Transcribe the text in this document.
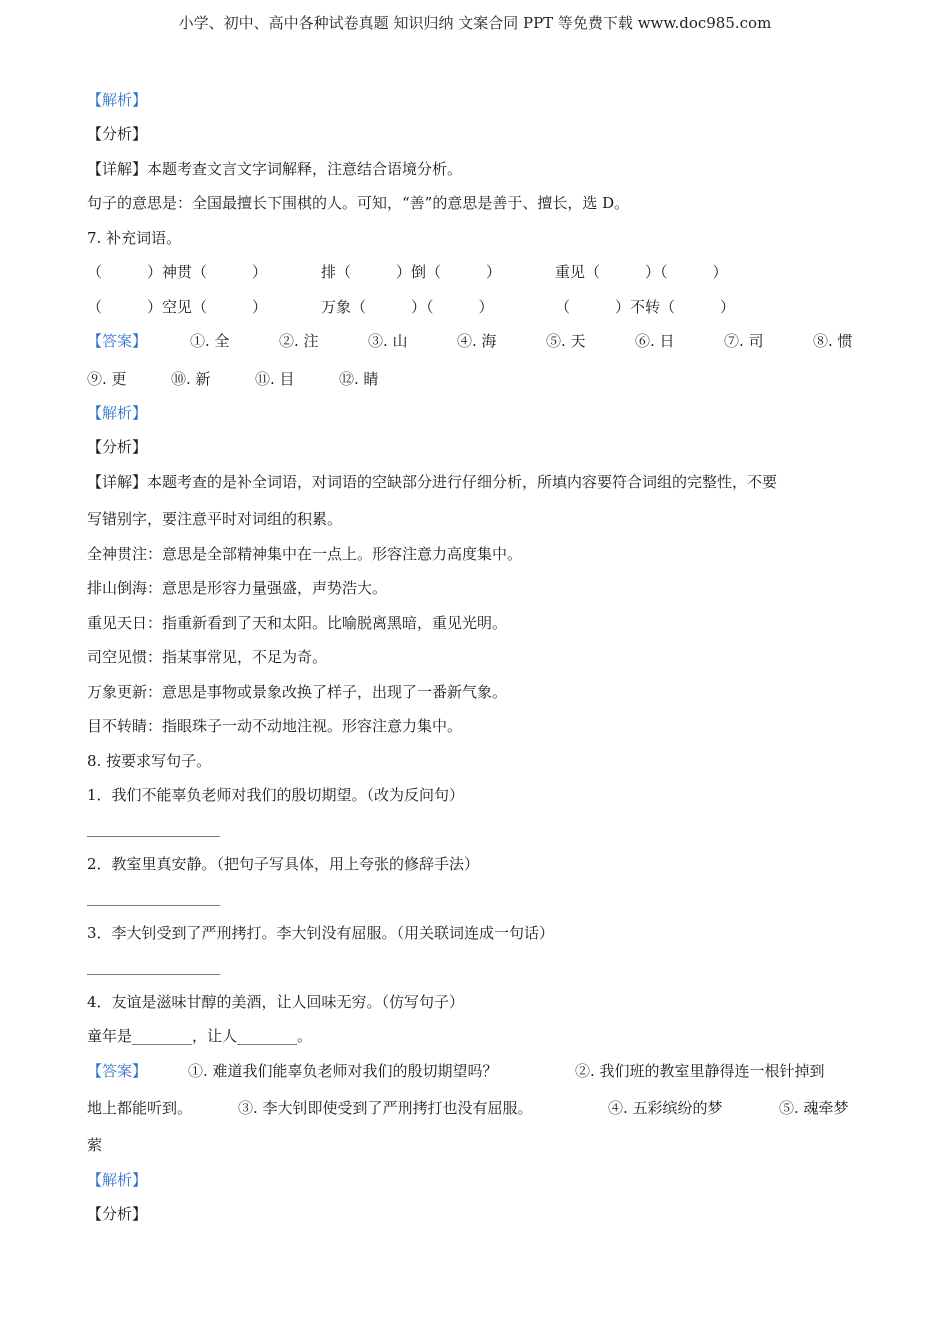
小学、初中、高中各种试卷真题 知识归纳 文案合同 PPT 等免费下载 www.doc985.com
【解析】
【分析】
【详解】本题考查文言文字词解释，注意结合语境分析。
句子的意思是：全国最擅长下围棋的人。可知，“善”的意思是善于、擅长，选 D。
7. 补充词语。
（　　　）神贯（　　　）	排（　　　）倒（　　　）	重见（　　　）（　　　）
（　　　）空见（　　　）	万象（　　　）（　　　）	（　　　）不转（　　　）
【答案】	①. 全	②. 注	③. 山	④. 海	⑤. 天	⑥. 日	⑦. 司	⑧. 惯
⑨. 更	⑩. 新	⑪. 目	⑫. 睛
【解析】
【分析】
【详解】本题考查的是补全词语，对词语的空缺部分进行仔细分析，所填内容要符合词组的完整性，不要
写错别字，要注意平时对词组的积累。
全神贯注：意思是全部精神集中在一点上。形容注意力高度集中。
排山倒海：意思是形容力量强盛，声势浩大。
重见天日：指重新看到了天和太阳。比喻脱离黑暗，重见光明。
司空见惯：指某事常见，不足为奇。
万象更新：意思是事物或景象改换了样子，出现了一番新气象。
目不转睛：指眼珠子一动不动地注视。形容注意力集中。
8. 按要求写句子。
1．我们不能辜负老师对我们的殷切期望。（改为反问句）
2．教室里真安静。（把句子写具体，用上夸张的修辞手法）
3．李大钊受到了严刑拷打。李大钊没有屈服。（用关联词连成一句话）
4．友谊是滋味甘醇的美酒，让人回味无穷。（仿写句子）
童年是________，让人________。
【答案】	①. 难道我们能辜负老师对我们的殷切期望吗？	②. 我们班的教室里静得连一根针掉到
地上都能听到。	③. 李大钊即使受到了严刑拷打也没有屈服。	④. 五彩缤纷的梦	⑤. 魂牵梦
萦
【解析】
【分析】
